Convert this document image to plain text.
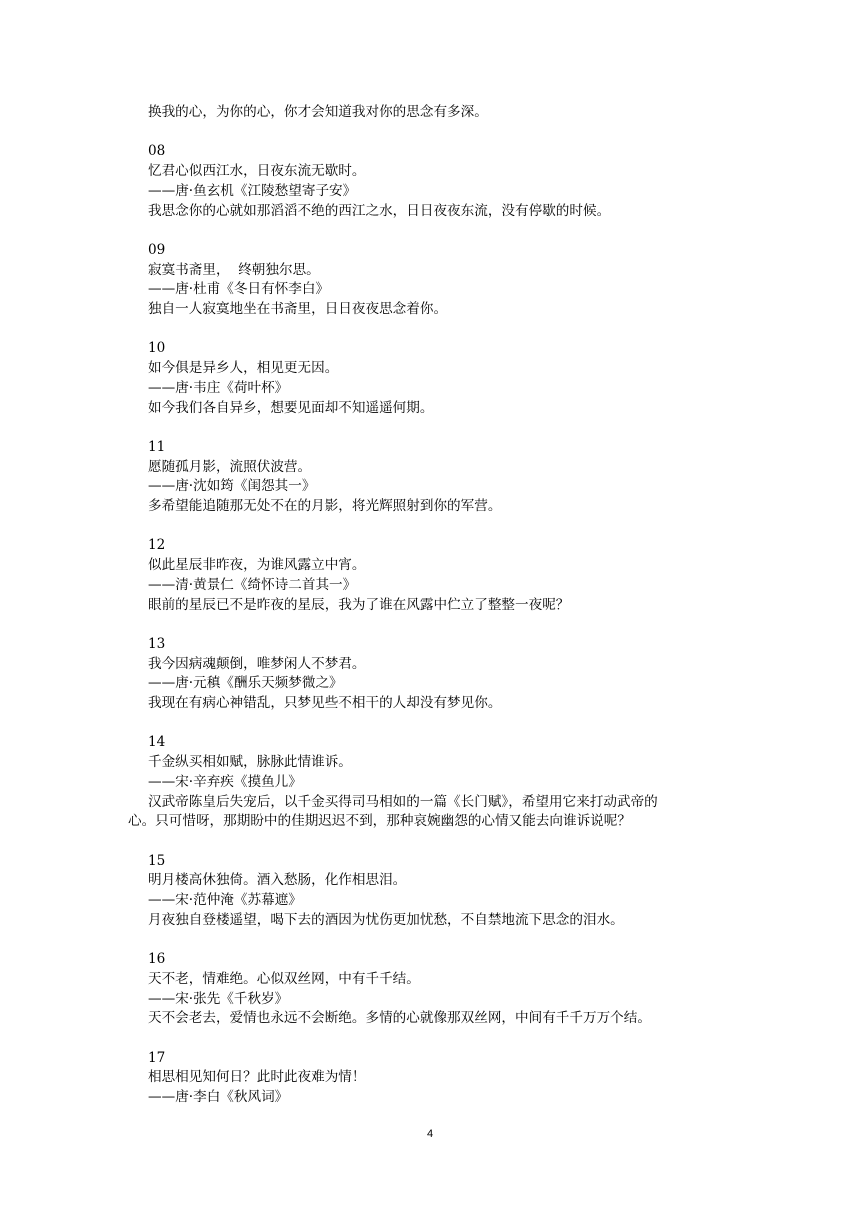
换我的心，为你的心，你才会知道我对你的思念有多深。
08
忆君心似西江水，日夜东流无歇时。
——唐·鱼玄机《江陵愁望寄子安》
我思念你的心就如那滔滔不绝的西江之水，日日夜夜东流，没有停歇的时候。
09
寂寞书斋里，  终朝独尔思。
——唐·杜甫《冬日有怀李白》
独自一人寂寞地坐在书斋里，日日夜夜思念着你。
10
如今俱是异乡人，相见更无因。
——唐·韦庄《荷叶杯》
如今我们各自异乡，想要见面却不知遥遥何期。
11
愿随孤月影，流照伏波营。
——唐·沈如筠《闺怨其一》
多希望能追随那无处不在的月影，将光辉照射到你的军营。
12
似此星辰非昨夜，为谁风露立中宵。
——清·黄景仁《绮怀诗二首其一》
眼前的星辰已不是昨夜的星辰，我为了谁在风露中伫立了整整一夜呢？
13
我今因病魂颠倒，唯梦闲人不梦君。
——唐·元稹《酬乐天频梦微之》
我现在有病心神错乱，只梦见些不相干的人却没有梦见你。
14
千金纵买相如赋，脉脉此情谁诉。
——宋·辛弃疾《摸鱼儿》
汉武帝陈皇后失宠后，以千金买得司马相如的一篇《长门赋》，希望用它来打动武帝的
心。只可惜呀，那期盼中的佳期迟迟不到，那种哀婉幽怨的心情又能去向谁诉说呢？
15
明月楼高休独倚。酒入愁肠，化作相思泪。
——宋·范仲淹《苏幕遮》
月夜独自登楼遥望，喝下去的酒因为忧伤更加忧愁，不自禁地流下思念的泪水。
16
天不老，情难绝。心似双丝网，中有千千结。
——宋·张先《千秋岁》
天不会老去，爱情也永远不会断绝。多情的心就像那双丝网，中间有千千万万个结。
17
相思相见知何日？此时此夜难为情！
——唐·李白《秋风词》
4
